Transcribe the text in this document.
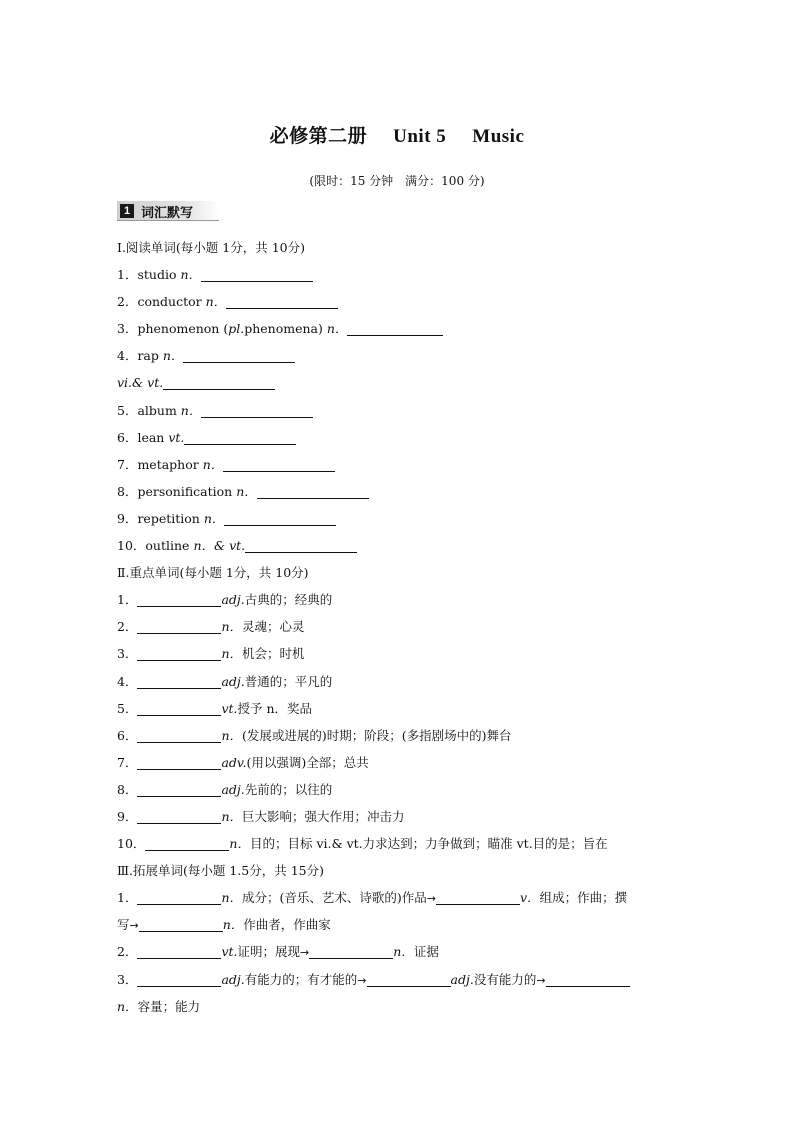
必修第二册 Unit 5 Music
(限时：15 分钟　满分：100 分)
1 词汇默写
Ⅰ.阅读单词(每小题 1分，共 10分)
1．studio n．
2．conductor n．
3．phenomenon (pl.phenomena) n．
4．rap n．
vi.& vt.
5．album n．
6．lean vt.
7．metaphor n．
8．personification n．
9．repetition n．
10．outline n．& vt.
Ⅱ.重点单词(每小题 1分，共 10分)
1．	adj.古典的；经典的
2．	n．灵魂；心灵
3．	n．机会；时机
4．	adj.普通的；平凡的
5．	vt.授予 n．奖品
6．	n．(发展或进展的)时期；阶段；(多指剧场中的)舞台
7．	adv.(用以强调)全部；总共
8．	adj.先前的；以往的
9．	n．巨大影响；强大作用；冲击力
10．	n．目的；目标 vi.& vt.力求达到；力争做到；瞄准 vt.目的是；旨在
Ⅲ.拓展单词(每小题 1.5分，共 15分)
1．	n．成分；(音乐、艺术、诗歌的)作品→	v．组成；作曲；撰
写→	n．作曲者，作曲家
2．	vt.证明；展现→	n．证据
3．	adj.有能力的；有才能的→	adj.没有能力的→
n．容量；能力
